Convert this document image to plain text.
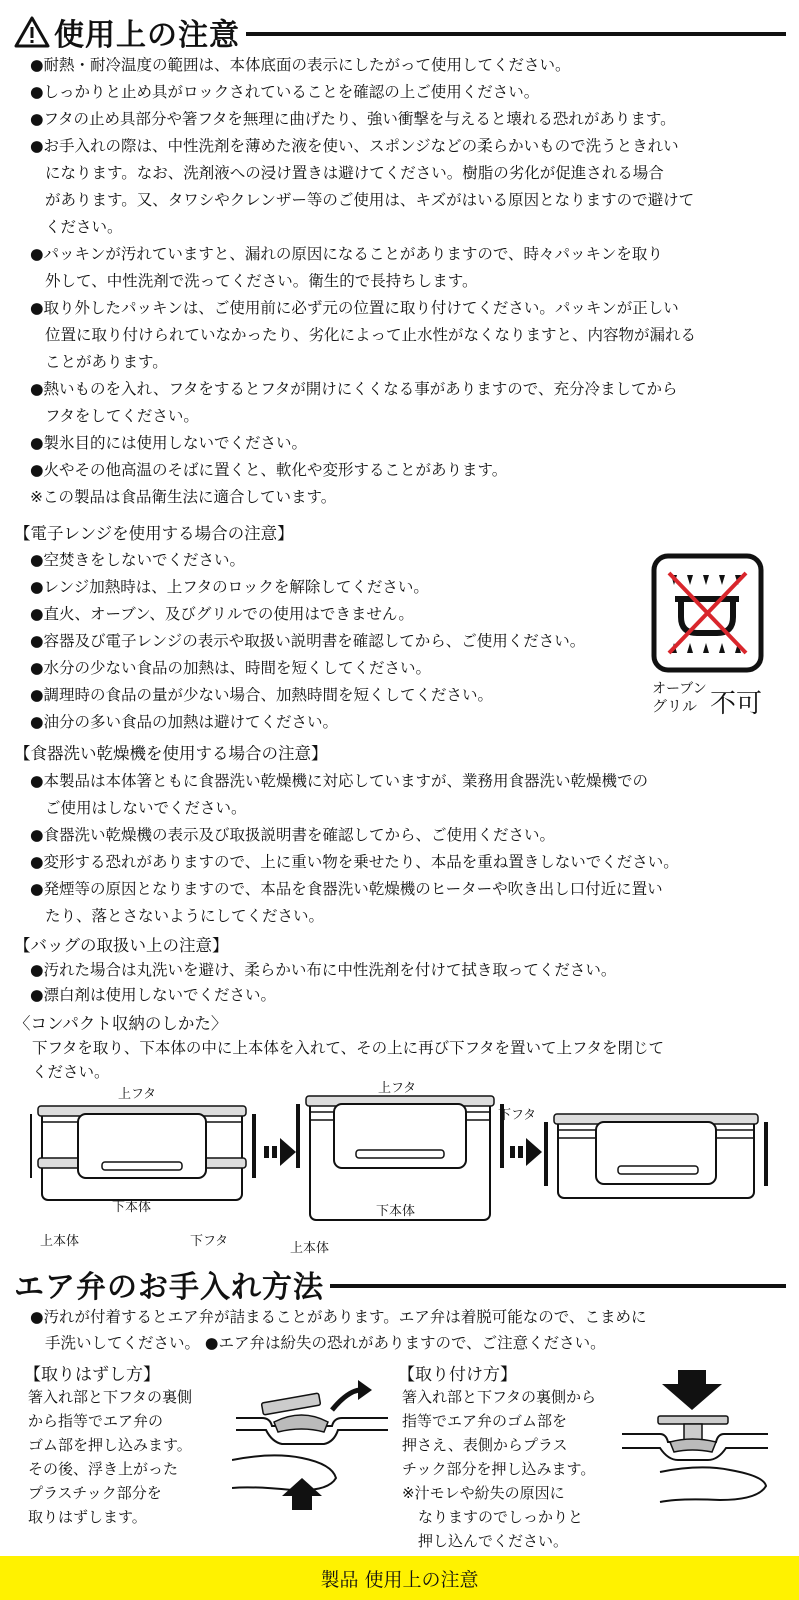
使用上の注意
●耐熱・耐冷温度の範囲は、本体底面の表示にしたがって使用してください。
●しっかりと止め具がロックされていることを確認の上ご使用ください。
●フタの止め具部分や箸フタを無理に曲げたり、強い衝撃を与えると壊れる恐れがあります。
●お手入れの際は、中性洗剤を薄めた液を使い、スポンジなどの柔らかいもので洗うときれい
になります。なお、洗剤液への浸け置きは避けてください。樹脂の劣化が促進される場合
があります。又、タワシやクレンザー等のご使用は、キズがはいる原因となりますので避けて
ください。
●パッキンが汚れていますと、漏れの原因になることがありますので、時々パッキンを取り
外して、中性洗剤で洗ってください。衛生的で長持ちします。
●取り外したパッキンは、ご使用前に必ず元の位置に取り付けてください。パッキンが正しい
位置に取り付けられていなかったり、劣化によって止水性がなくなりますと、内容物が漏れる
ことがあります。
●熱いものを入れ、フタをするとフタが開けにくくなる事がありますので、充分冷ましてから
フタをしてください。
●製氷目的には使用しないでください。
●火やその他高温のそばに置くと、軟化や変形することがあります。
※この製品は食品衛生法に適合しています。
【電子レンジを使用する場合の注意】
●空焚きをしないでください。
●レンジ加熱時は、上フタのロックを解除してください。
●直火、オーブン、及びグリルでの使用はできません。
●容器及び電子レンジの表示や取扱い説明書を確認してから、ご使用ください。
●水分の少ない食品の加熱は、時間を短くしてください。
●調理時の食品の量が少ない場合、加熱時間を短くしてください。
●油分の多い食品の加熱は避けてください。
オーブン
グリル 不可
【食器洗い乾燥機を使用する場合の注意】
●本製品は本体箸ともに食器洗い乾燥機に対応していますが、業務用食器洗い乾燥機での
ご使用はしないでください。
●食器洗い乾燥機の表示及び取扱説明書を確認してから、ご使用ください。
●変形する恐れがありますので、上に重い物を乗せたり、本品を重ね置きしないでください。
●発煙等の原因となりますので、本品を食器洗い乾燥機のヒーターや吹き出し口付近に置い
たり、落とさないようにしてください。
【バッグの取扱い上の注意】
●汚れた場合は丸洗いを避け、柔らかい布に中性洗剤を付けて拭き取ってください。
●漂白剤は使用しないでください。
〈コンパクト収納のしかた〉
下フタを取り、下本体の中に上本体を入れて、その上に再び下フタを置いて上フタを閉じて
ください。
上フタ
下本体
上本体	下フタ
上フタ
下フタ
下本体
上本体
エア弁のお手入れ方法
●汚れが付着するとエア弁が詰まることがあります。エア弁は着脱可能なので、こまめに
手洗いしてください。 ●エア弁は紛失の恐れがありますので、ご注意ください。
【取りはずし方】
箸入れ部と下フタの裏側
から指等でエア弁の
ゴム部を押し込みます。
その後、浮き上がった
プラスチック部分を
取りはずします。
【取り付け方】
箸入れ部と下フタの裏側から
指等でエア弁のゴム部を
押さえ、表側からプラス
チック部分を押し込みます。
※汁モレや紛失の原因に
なりますのでしっかりと
押し込んでください。
製品 使用上の注意
